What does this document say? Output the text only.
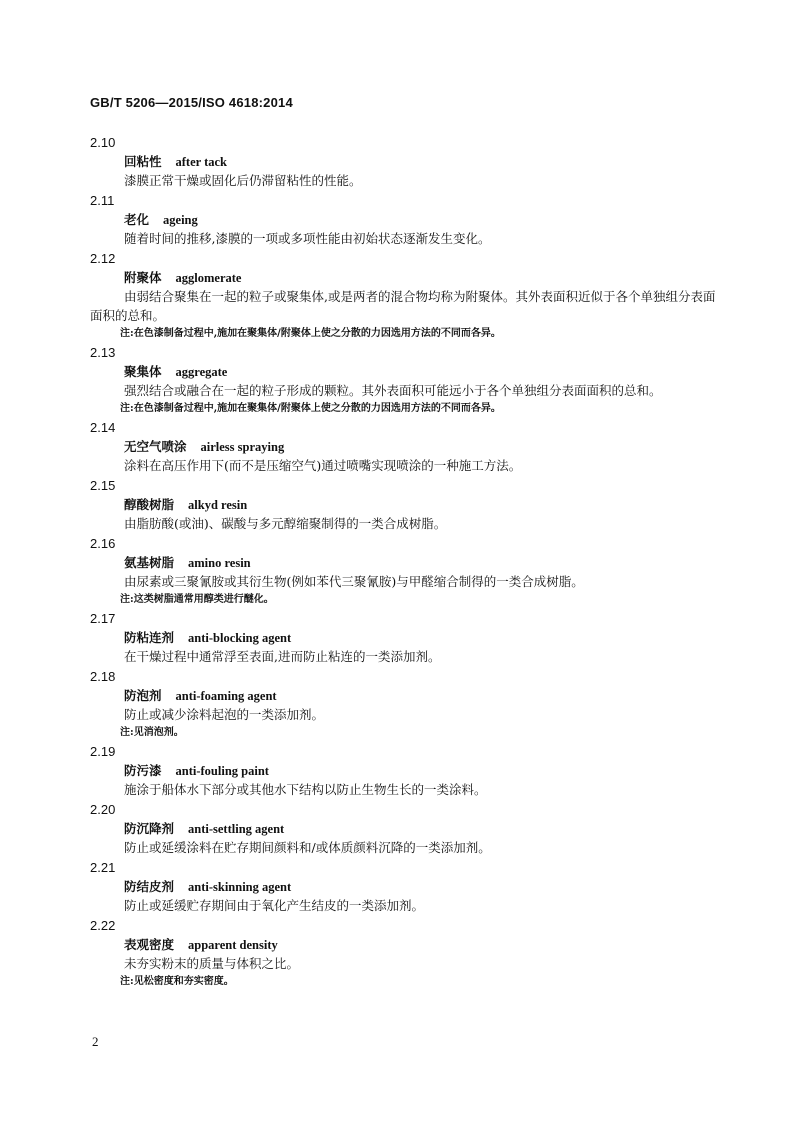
GB/T 5206—2015/ISO 4618:2014
2.10
回粘性 after tack
漆膜正常干燥或固化后仍滞留粘性的性能。
2.11
老化 ageing
随着时间的推移,漆膜的一项或多项性能由初始状态逐渐发生变化。
2.12
附聚体 agglomerate
由弱结合聚集在一起的粒子或聚集体,或是两者的混合物均称为附聚体。其外表面积近似于各个单独组分表面面积的总和。
注:在色漆制备过程中,施加在聚集体/附聚体上使之分散的力因选用方法的不同而各异。
2.13
聚集体 aggregate
强烈结合或融合在一起的粒子形成的颗粒。其外表面积可能远小于各个单独组分表面面积的总和。
注:在色漆制备过程中,施加在聚集体/附聚体上使之分散的力因选用方法的不同而各异。
2.14
无空气喷涂 airless spraying
涂料在高压作用下(而不是压缩空气)通过喷嘴实现喷涂的一种施工方法。
2.15
醇酸树脂 alkyd resin
由脂肪酸(或油)、碳酸与多元醇缩聚制得的一类合成树脂。
2.16
氨基树脂 amino resin
由尿素或三聚氰胺或其衍生物(例如苯代三聚氰胺)与甲醛缩合制得的一类合成树脂。
注:这类树脂通常用醇类进行醚化。
2.17
防粘连剂 anti-blocking agent
在干燥过程中通常浮至表面,进而防止粘连的一类添加剂。
2.18
防泡剂 anti-foaming agent
防止或减少涂料起泡的一类添加剂。
注:见消泡剂。
2.19
防污漆 anti-fouling paint
施涂于船体水下部分或其他水下结构以防止生物生长的一类涂料。
2.20
防沉降剂 anti-settling agent
防止或延缓涂料在贮存期间颜料和/或体质颜料沉降的一类添加剂。
2.21
防结皮剂 anti-skinning agent
防止或延缓贮存期间由于氧化产生结皮的一类添加剂。
2.22
表观密度 apparent density
未夯实粉末的质量与体积之比。
注:见松密度和夯实密度。
2
